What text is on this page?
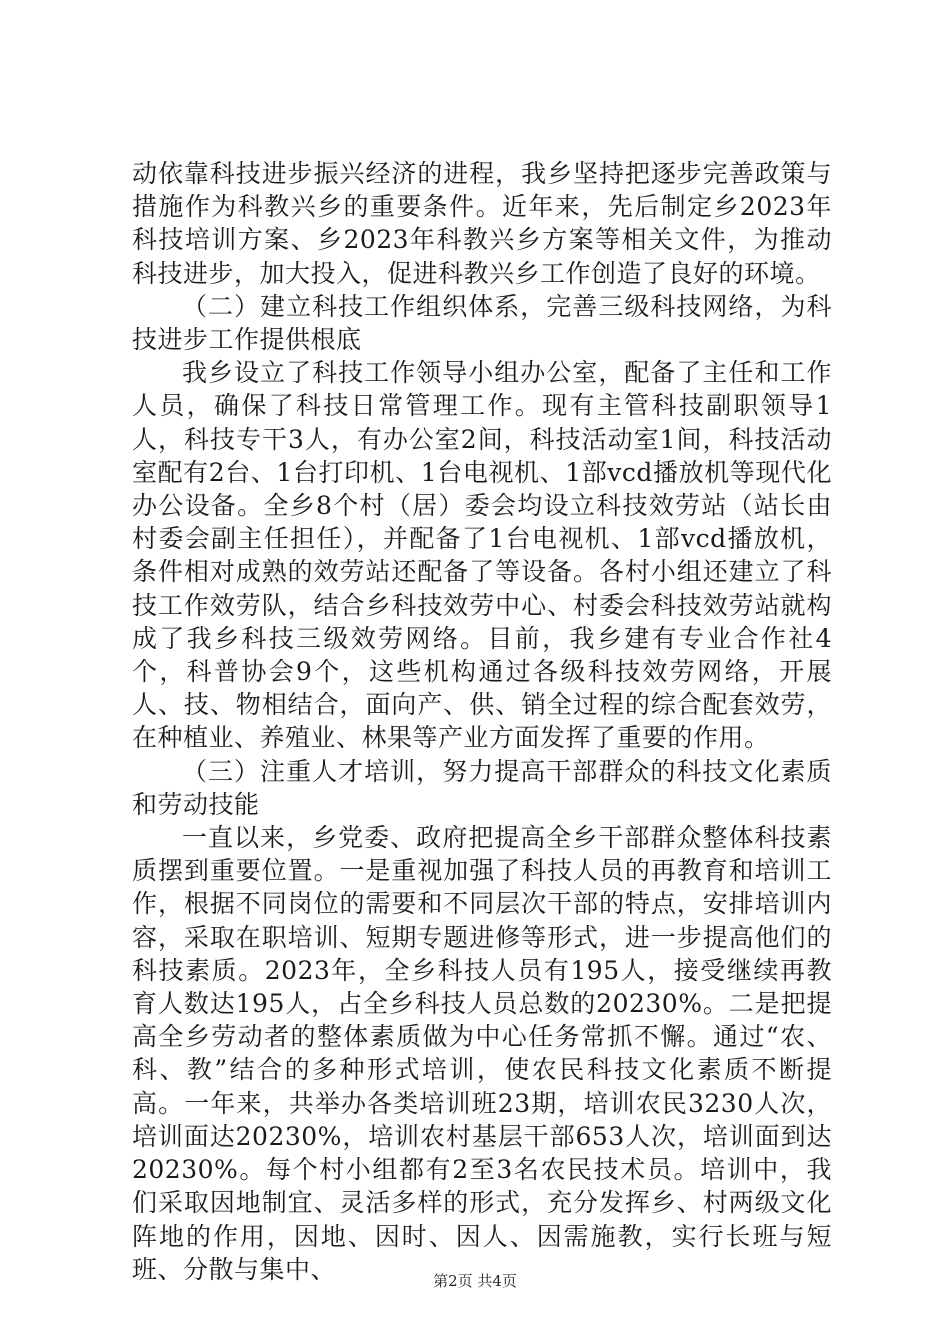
动依靠科技进步振兴经济的进程，我乡坚持把逐步完善政策与措施作为科教兴乡的重要条件。近年来，先后制定乡2023年科技培训方案、乡2023年科教兴乡方案等相关文件，为推动科技进步，加大投入，促进科教兴乡工作创造了良好的环境。

（二）建立科技工作组织体系，完善三级科技网络，为科技进步工作提供根底

我乡设立了科技工作领导小组办公室，配备了主任和工作人员，确保了科技日常管理工作。现有主管科技副职领导1人，科技专干3人，有办公室2间，科技活动室1间，科技活动室配有2台、1台打印机、1台电视机、1部vcd播放机等现代化办公设备。全乡8个村（居）委会均设立科技效劳站（站长由村委会副主任担任），并配备了1台电视机、1部vcd播放机，条件相对成熟的效劳站还配备了等设备。各村小组还建立了科技工作效劳队，结合乡科技效劳中心、村委会科技效劳站就构成了我乡科技三级效劳网络。目前，我乡建有专业合作社4个，科普协会9个，这些机构通过各级科技效劳网络，开展人、技、物相结合，面向产、供、销全过程的综合配套效劳，在种植业、养殖业、林果等产业方面发挥了重要的作用。

（三）注重人才培训，努力提高干部群众的科技文化素质和劳动技能

一直以来，乡党委、政府把提高全乡干部群众整体科技素质摆到重要位置。一是重视加强了科技人员的再教育和培训工作，根据不同岗位的需要和不同层次干部的特点，安排培训内容，采取在职培训、短期专题进修等形式，进一步提高他们的科技素质。2023年，全乡科技人员有195人，接受继续再教育人数达195人，占全乡科技人员总数的20230%。二是把提高全乡劳动者的整体素质做为中心任务常抓不懈。通过“农、科、教”结合的多种形式培训，使农民科技文化素质不断提高。一年来，共举办各类培训班23期，培训农民3230人次，培训面达20230%，培训农村基层干部653人次，培训面到达20230%。每个村小组都有2至3名农民技术员。培训中，我们采取因地制宜、灵活多样的形式，充分发挥乡、村两级文化阵地的作用，因地、因时、因人、因需施教，实行长班与短班、分散与集中、	第2页 共4页
